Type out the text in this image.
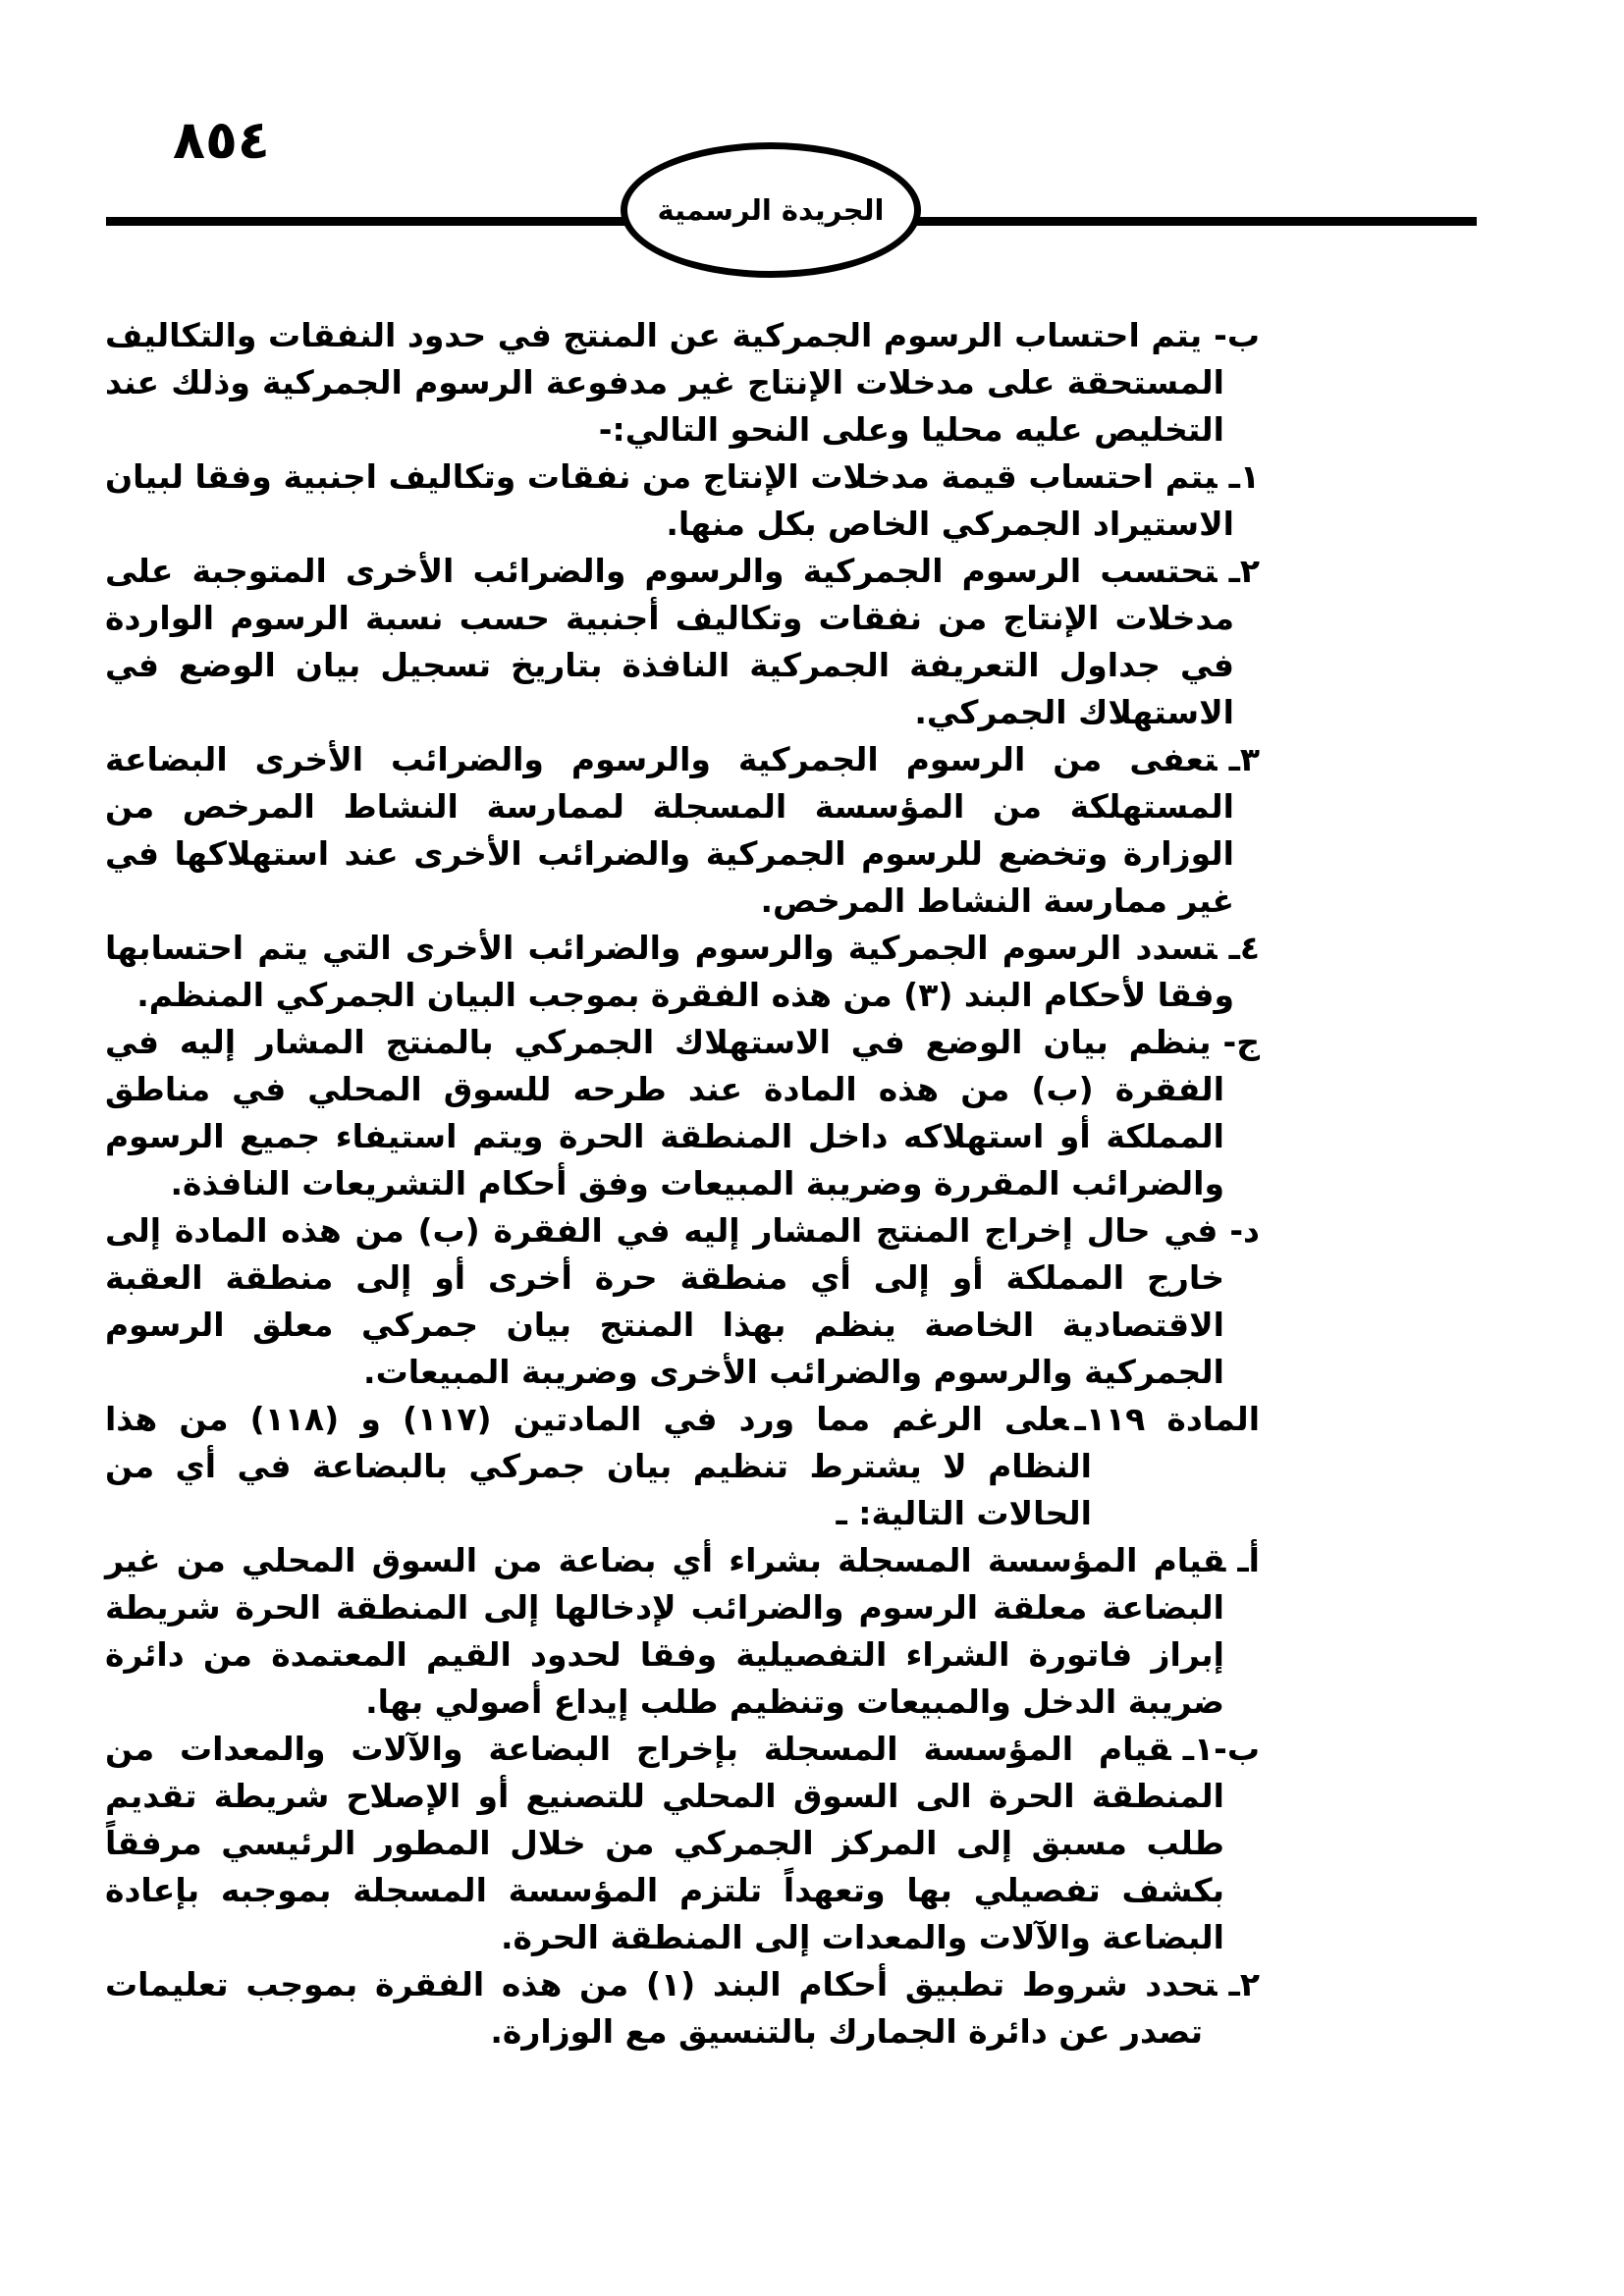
٨٥٤
الجريدة الرسمية

ب-يتم احتساب الرسوم الجمركية عن المنتج في حدود النفقات والتكاليف المستحقة على مدخلات الإنتاج غير مدفوعة الرسوم الجمركية وذلك عند التخليص عليه محليا وعلى النحو التالي:-

١ـيتم احتساب قيمة مدخلات الإنتاج من نفقات وتكاليف اجنبية وفقا لبيان الاستيراد الجمركي الخاص بكل منها.

٢ـتحتسب الرسوم الجمركية والرسوم والضرائب الأخرى المتوجبة على مدخلات الإنتاج من نفقات وتكاليف أجنبية حسب نسبة الرسوم الواردة في جداول التعريفة الجمركية النافذة بتاريخ تسجيل بيان الوضع في الاستهلاك الجمركي.

٣ـتعفى من الرسوم الجمركية والرسوم والضرائب الأخرى البضاعة المستهلكة من المؤسسة المسجلة لممارسة النشاط المرخص من الوزارة وتخضع للرسوم الجمركية والضرائب الأخرى عند استهلاكها في غير ممارسة النشاط المرخص.

٤ـتسدد الرسوم الجمركية والرسوم والضرائب الأخرى التي يتم احتسابها وفقا لأحكام البند (٣) من هذه الفقرة بموجب البيان الجمركي المنظم.

ج-ينظم بيان الوضع في الاستهلاك الجمركي بالمنتج المشار إليه في الفقرة (ب) من هذه المادة عند طرحه للسوق المحلي في مناطق المملكة أو استهلاكه داخل المنطقة الحرة ويتم استيفاء جميع الرسوم والضرائب المقررة وضريبة المبيعات وفق أحكام التشريعات النافذة.

د-في حال إخراج المنتج المشار إليه في الفقرة (ب) من هذه المادة إلى خارج المملكة أو إلى أي منطقة حرة أخرى أو إلى منطقة العقبة الاقتصادية الخاصة ينظم بهذا المنتج بيان جمركي معلق الرسوم الجمركية والرسوم والضرائب الأخرى وضريبة المبيعات.

المادة ١١٩ـعلى الرغم مما ورد في المادتين (١١٧) و (١١٨) من هذا النظام لا يشترط تنظيم بيان جمركي بالبضاعة في أي من الحالات التالية: ـ

أـقيام المؤسسة المسجلة بشراء أي بضاعة من السوق المحلي من غير البضاعة معلقة الرسوم والضرائب لإدخالها إلى المنطقة الحرة شريطة إبراز فاتورة الشراء التفصيلية وفقا لحدود القيم المعتمدة من دائرة ضريبة الدخل والمبيعات وتنظيم طلب إيداع أصولي بها.

ب-١ـقيام المؤسسة المسجلة بإخراج البضاعة والآلات والمعدات من المنطقة الحرة الى السوق المحلي للتصنيع أو الإصلاح شريطة تقديم طلب مسبق إلى المركز الجمركي من خلال المطور الرئيسي مرفقاً بكشف تفصيلي بها وتعهداً تلتزم المؤسسة المسجلة بموجبه بإعادة البضاعة والآلات والمعدات إلى المنطقة الحرة.

٢ـتحدد شروط تطبيق أحكام البند (١) من هذه الفقرة بموجب تعليمات تصدر عن دائرة الجمارك بالتنسيق مع الوزارة.
